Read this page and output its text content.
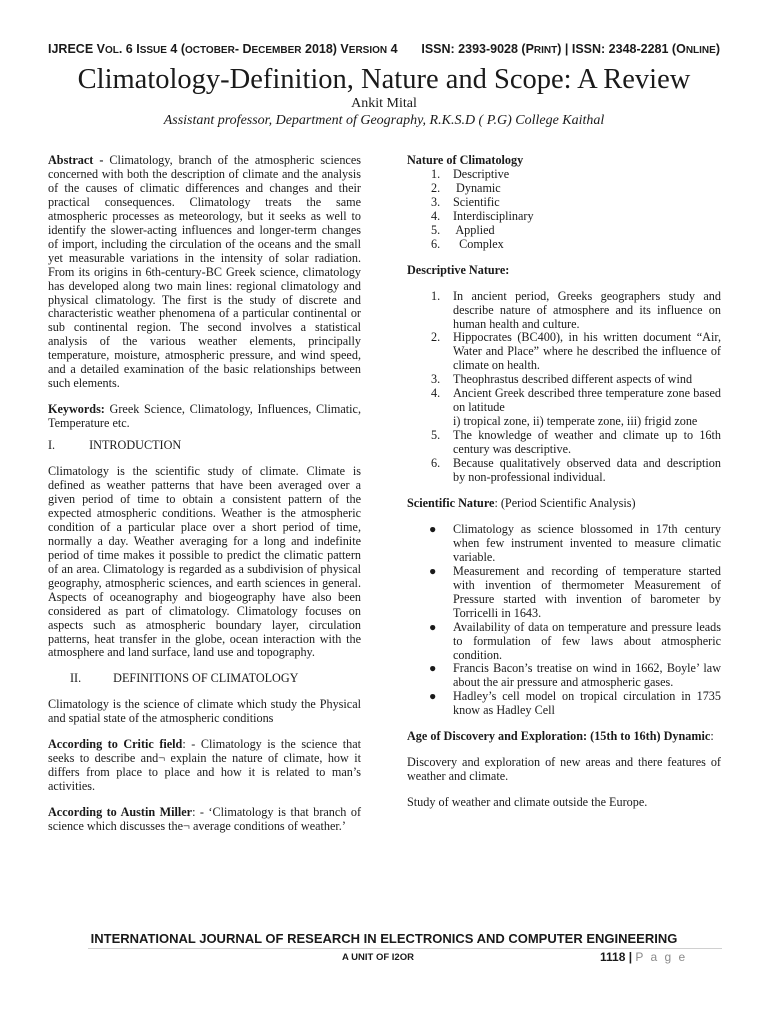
IJRECE VOL. 6 ISSUE 4 (OCTOBER- DECEMBER 2018) VERSION 4 ISSN: 2393-9028 (PRINT) | ISSN: 2348-2281 (ONLINE)
Climatology-Definition, Nature and Scope: A Review
Ankit Mital
Assistant professor, Department of Geography, R.K.S.D ( P.G) College Kaithal

Abstract - Climatology, branch of the atmospheric sciences concerned with both the description of climate and the analysis of the causes of climatic differences and changes and their practical consequences. Climatology treats the same atmospheric processes as meteorology, but it seeks as well to identify the slower-acting influences and longer-term changes of import, including the circulation of the oceans and the small yet measurable variations in the intensity of solar radiation. From its origins in 6th-century-BC Greek science, climatology has developed along two main lines: regional climatology and physical climatology. The first is the study of discrete and characteristic weather phenomena of a particular continental or sub continental region. The second involves a statistical analysis of the various weather elements, principally temperature, moisture, atmospheric pressure, and wind speed, and a detailed examination of the basic relationships between such elements.

Keywords: Greek Science, Climatology, Influences, Climatic, Temperature etc.

I.	INTRODUCTION

Climatology is the scientific study of climate. Climate is defined as weather patterns that have been averaged over a given period of time to obtain a consistent pattern of the expected atmospheric conditions. Weather is the atmospheric condition of a particular place over a short period of time, normally a day. Weather averaging for a long and indefinite period of time makes it possible to predict the climatic pattern of an area. Climatology is regarded as a subdivision of physical geography, atmospheric sciences, and earth sciences in general. Aspects of oceanography and biogeography have also been considered as part of climatology. Climatology focuses on aspects such as atmospheric boundary layer, circulation patterns, heat transfer in the globe, ocean interaction with the atmosphere and land surface, land use and topography.

II.	DEFINITIONS OF CLIMATOLOGY

Climatology is the science of climate which study the Physical and spatial state of the atmospheric conditions

According to Critic field: - Climatology is the science that seeks to describe and¬ explain the nature of climate, how it differs from place to place and how it is related to man’s activities.

According to Austin Miller: - ‘Climatology is that branch of science which discusses the¬ average conditions of weather.’

Nature of Climatology

1. Descriptive
2. Dynamic
3. Scientific
4. Interdisciplinary
5. Applied
6. Complex

Descriptive Nature:

1. In ancient period, Greeks geographers study and describe nature of atmosphere and its influence on human health and culture.
2. Hippocrates (BC400), in his written document “Air, Water and Place” where he described the influence of climate on health.
3. Theophrastus described different aspects of wind
4. Ancient Greek described three temperature zone based on latitude
i) tropical zone, ii) temperate zone, iii) frigid zone
5. The knowledge of weather and climate up to 16th century was descriptive.
6. Because qualitatively observed data and description by non-professional individual.

Scientific Nature: (Period Scientific Analysis)

● Climatology as science blossomed in 17th century when few instrument invented to measure climatic variable.
● Measurement and recording of temperature started with invention of thermometer Measurement of Pressure started with invention of barometer by Torricelli in 1643.
● Availability of data on temperature and pressure leads to formulation of few laws about atmospheric condition.
● Francis Bacon’s treatise on wind in 1662, Boyle’ law about the air pressure and atmospheric gases.
● Hadley’s cell model on tropical circulation in 1735 know as Hadley Cell

Age of Discovery and Exploration: (15th to 16th) Dynamic:

Discovery and exploration of new areas and there features of weather and climate.

Study of weather and climate outside the Europe.

INTERNATIONAL JOURNAL OF RESEARCH IN ELECTRONICS AND COMPUTER ENGINEERING
A UNIT OF I2OR	1118 | P a g e
